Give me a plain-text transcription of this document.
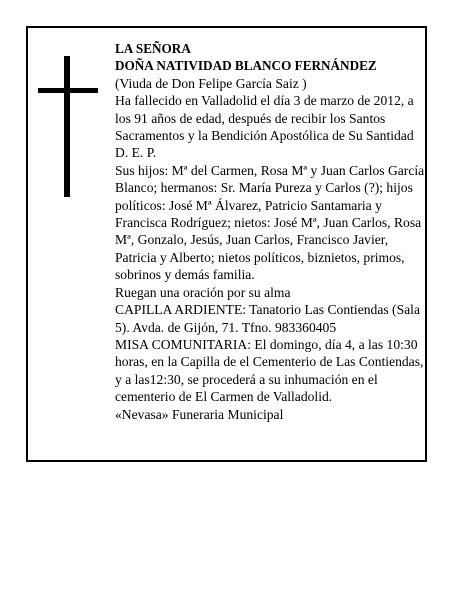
LA SEÑORA

DOÑA NATIVIDAD BLANCO FERNÁNDEZ

(Viuda de Don Felipe García Saiz )

Ha fallecido en Valladolid el día 3 de marzo de 2012, a los 91 años de edad, después de recibir los Santos Sacramentos y la Bendición Apostólica de Su Santidad

D. E. P.

Sus hijos: Mª del Carmen, Rosa Mª y Juan Carlos García Blanco; hermanos: Sr. María Pureza y Carlos (?); hijos políticos: José Mª Álvarez, Patricio Santamaria y Francisca Rodríguez; nietos: José Mª, Juan Carlos, Rosa Mª, Gonzalo, Jesús, Juan Carlos, Francisco Javier, Patricia y Alberto; nietos políticos, biznietos, primos, sobrinos y demás familia.

Ruegan una oración por su alma

CAPILLA ARDIENTE: Tanatorio Las Contiendas (Sala 5). Avda. de Gijón, 71. Tfno. 983360405

MISA COMUNITARIA: El domingo, día 4, a las 10:30 horas, en la Capilla de el Cementerio de Las Contiendas, y a las12:30, se procederá a su inhumación en el cementerio de El Carmen de Valladolid.

«Nevasa» Funeraria Municipal
